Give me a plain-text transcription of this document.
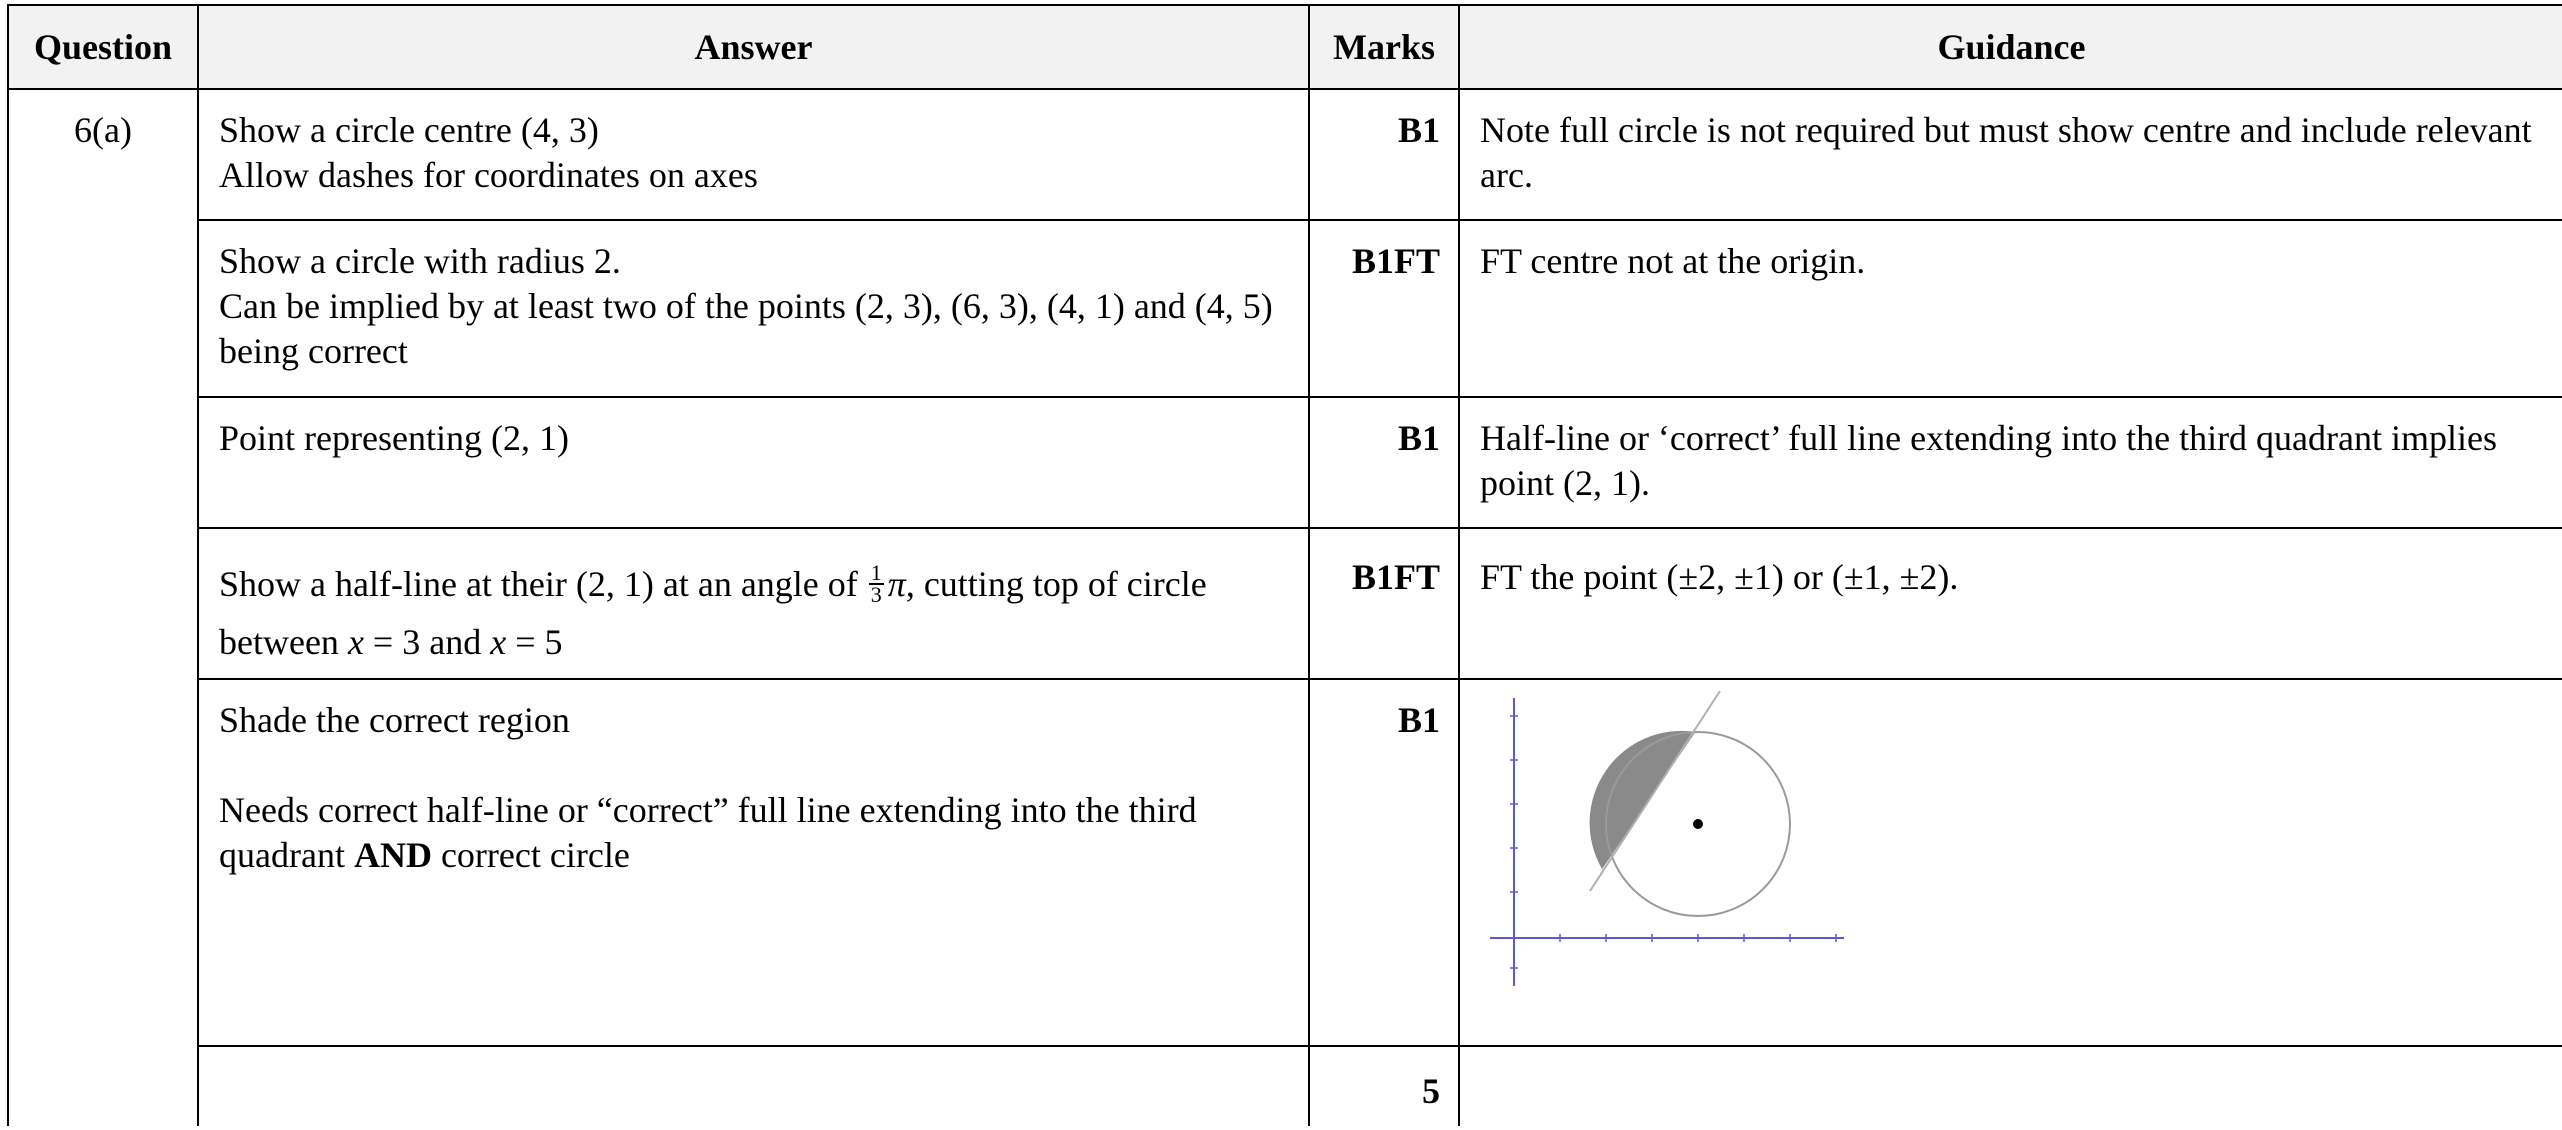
Question	Answer	Marks	Guidance
6(a)	Show a circle centre (4, 3)
Allow dashes for coordinates on axes	B1	Note full circle is not required but must show centre and include relevant arc.

	Show a circle with radius 2.
Can be implied by at least two of the points (2, 3), (6, 3), (4, 1) and (4, 5) being correct	B1FT	FT centre not at the origin.

	Point representing (2, 1)	B1	Half-line or ‘correct’ full line extending into the third quadrant implies point (2, 1).
	Show a half-line at their (2, 1) at an angle of $\frac{1}{3} \pi$, cutting top of circle between x = 3 and x = 5	B1FT	FT the point (±2, ±1) or (±1, ±2).

	Shade the correct region
Needs correct half-line or “correct” full line extending into the third quadrant AND correct circle	B1	

		5	
